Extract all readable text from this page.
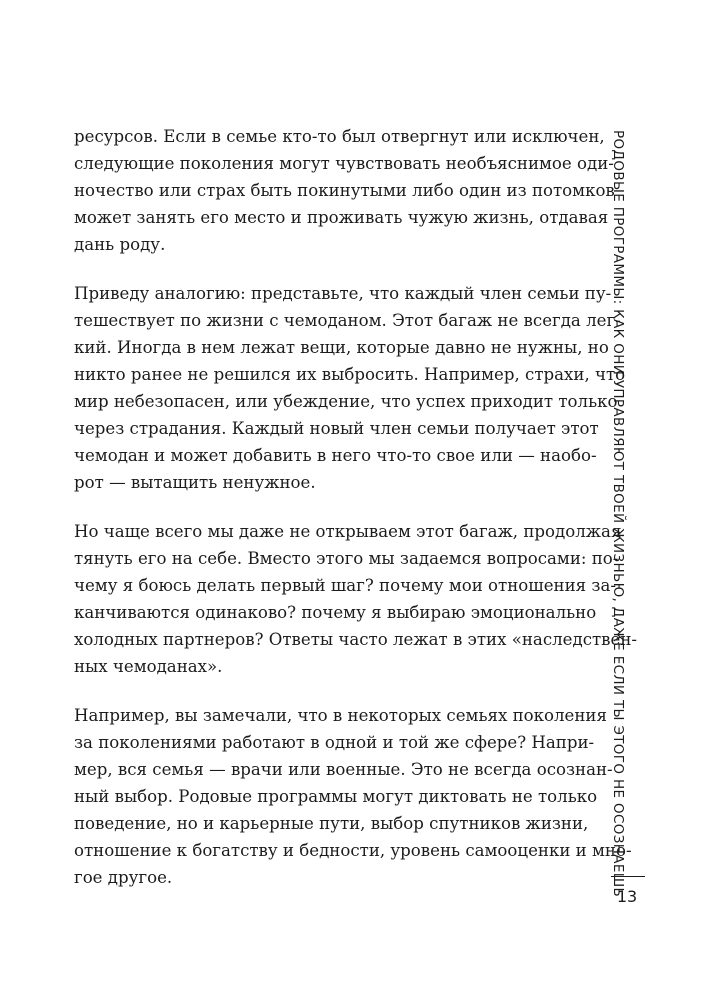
ресурсов. Если в семье кто-то был отвергнут или исключен,
следующие поколения могут чувствовать необъяснимое оди-
ночество или страх быть покинутыми либо один из потомков
может занять его место и проживать чужую жизнь, отдавая
дань роду.

Приведу аналогию: представьте, что каждый член семьи пу-
тешествует по жизни с чемоданом. Этот багаж не всегда лег-
кий. Иногда в нем лежат вещи, которые давно не нужны, но
никто ранее не решился их выбросить. Например, страхи, что
мир небезопасен, или убеждение, что успех приходит только
через страдания. Каждый новый член семьи получает этот
чемодан и может добавить в него что-то свое или — наобо-
рот — вытащить ненужное.

Но чаще всего мы даже не открываем этот багаж, продолжая
тянуть его на себе. Вместо этого мы задаемся вопросами: по-
чему я боюсь делать первый шаг? почему мои отношения за-
канчиваются одинаково? почему я выбираю эмоционально
холодных партнеров? Ответы часто лежат в этих «наследствен-
ных чемоданах».

Например, вы замечали, что в некоторых семьях поколения
за поколениями работают в одной и той же сфере? Напри-
мер, вся семья — врачи или военные. Это не всегда осознан-
ный выбор. Родовые программы могут диктовать не только
поведение, но и карьерные пути, выбор спутников жизни,
отношение к богатству и бедности, уровень самооценки и мно-
гое другое.	РОДОВЫЕ ПРОГРАММЫ: КАК ОНИ УПРАВЛЯЮТ ТВОЕЙ ЖИЗНЬЮ, ДАЖЕ ЕСЛИ ТЫ ЭТОГО НЕ ОСОЗНАЕШЬ
13
